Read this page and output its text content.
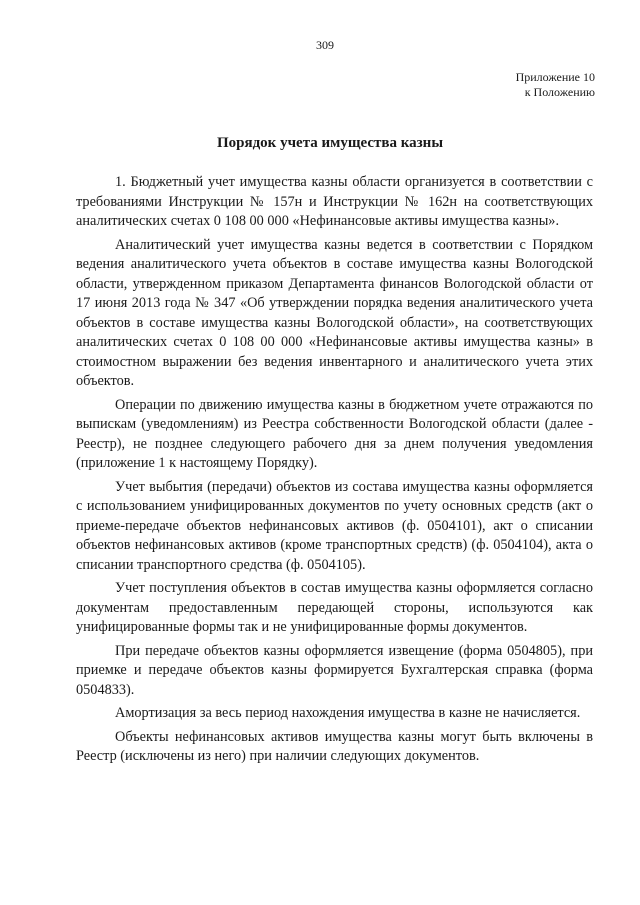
309
Приложение 10
к Положению
Порядок учета имущества казны

1. Бюджетный учет имущества казны области организуется в соответствии с требованиями Инструкции № 157н и Инструкции № 162н на соответствующих аналитических счетах 0 108 00 000 «Нефинансовые активы имущества казны».

Аналитический учет имущества казны ведется в соответствии с Порядком ведения аналитического учета объектов в составе имущества казны Вологодской области, утвержденном приказом Департамента финансов Вологодской области от 17 июня 2013 года № 347 «Об утверждении порядка ведения аналитического учета объектов в составе имущества казны Вологодской области», на соответствующих аналитических счетах 0 108 00 000 «Нефинансовые активы имущества казны» в стоимостном выражении без ведения инвентарного и аналитического учета этих объектов.

Операции по движению имущества казны в бюджетном учете отражаются по выпискам (уведомлениям) из Реестра собственности Вологодской области (далее - Реестр), не позднее следующего рабочего дня за днем получения уведомления (приложение 1 к настоящему Порядку).

Учет выбытия (передачи) объектов из состава имущества казны оформляется с использованием унифицированных документов по учету основных средств (акт о приеме-передаче объектов нефинансовых активов (ф. 0504101), акт о списании объектов нефинансовых активов (кроме транспортных средств) (ф. 0504104), акта о списании транспортного средства (ф. 0504105).

Учет поступления объектов в состав имущества казны оформляется согласно документам предоставленным передающей стороны, используются как унифицированные формы так и не унифицированные формы документов.

При передаче объектов казны оформляется извещение (форма 0504805), при приемке и передаче объектов казны формируется Бухгалтерская справка (форма 0504833).

Амортизация за весь период нахождения имущества в казне не начисляется.

Объекты нефинансовых активов имущества казны могут быть включены в Реестр (исключены из него) при наличии следующих документов.
